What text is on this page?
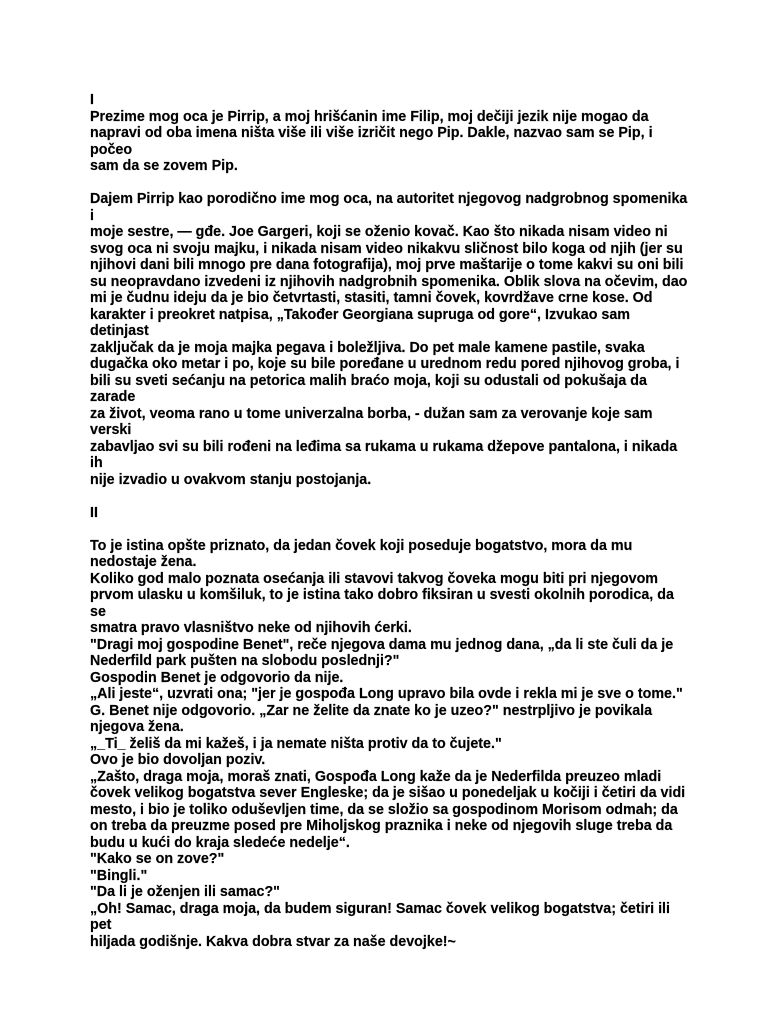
I

Prezime mog oca je Pirrip, a moj hrišćanin ime Filip, moj dečiji jezik nije mogao da

napravi od oba imena ništa više ili više izričit nego Pip. Dakle, nazvao sam se Pip, i počeo

sam da se zovem Pip.

Dajem Pirrip kao porodično ime mog oca, na autoritet njegovog nadgrobnog spomenika i

moje sestre, — gđe. Joe Gargeri, koji se oženio kovač. Kao što nikada nisam video ni

svog oca ni svoju majku, i nikada nisam video nikakvu sličnost bilo koga od njih (jer su

njihovi dani bili mnogo pre dana fotografija), moj prve maštarije o tome kakvi su oni bili

su neopravdano izvedeni iz njihovih nadgrobnih spomenika. Oblik slova na očevim, dao

mi je čudnu ideju da je bio četvrtasti, stasiti, tamni čovek, kovrdžave crne kose. Od

karakter i preokret natpisa, „Također Georgiana supruga od gore“, Izvukao sam detinjast

zaključak da je moja majka pegava i boležljiva. Do pet male kamene pastile, svaka

dugačka oko metar i po, koje su bile poređane u urednom redu pored njihovog groba, i

bili su sveti sećanju na petorica malih braćo moja, koji su odustali od pokušaja da zarade

za život, veoma rano u tome univerzalna borba, - dužan sam za verovanje koje sam verski

zabavljao svi su bili rođeni na leđima sa rukama u rukama džepove pantalona, i nikada ih

nije izvadio u ovakvom stanju postojanja.

II

To je istina opšte priznato, da jedan čovek koji poseduje bogatstvo, mora da mu

nedostaje žena.

Koliko god malo poznata osećanja ili stavovi takvog čoveka mogu biti pri njegovom

prvom ulasku u komšiluk, to je istina tako dobro fiksiran u svesti okolnih porodica, da se

smatra pravo vlasništvo neke od njihovih ćerki.

"Dragi moj gospodine Benet", reče njegova dama mu jednog dana, „da li ste čuli da je

Nederfild park pušten na slobodu poslednji?"

Gospodin Benet je odgovorio da nije.

„Ali jeste“, uzvrati ona; "jer je gospođa Long upravo bila ovde i rekla mi je sve o tome."

G. Benet nije odgovorio. „Zar ne želite da znate ko je uzeo?" nestrpljivo je povikala

njegova žena.

„_Ti_ želiš da mi kažeš, i ja nemate ništa protiv da to čujete."

Ovo je bio dovoljan poziv.

„Zašto, draga moja, moraš znati, Gospođa Long kaže da je Nederfilda preuzeo mladi

čovek velikog bogatstva sever Engleske; da je sišao u ponedeljak u kočiji i četiri da vidi

mesto, i bio je toliko oduševljen time, da se složio sa gospodinom Morisom odmah; da

on treba da preuzme posed pre Miholjskog praznika i neke od njegovih sluge treba da

budu u kući do kraja sledeće nedelje“.

"Kako se on zove?"

"Bingli."

"Da li je oženjen ili samac?"

„Oh! Samac, draga moja, da budem siguran! Samac čovek velikog bogatstva; četiri ili pet

hiljada godišnje. Kakva dobra stvar za naše devojke!~
